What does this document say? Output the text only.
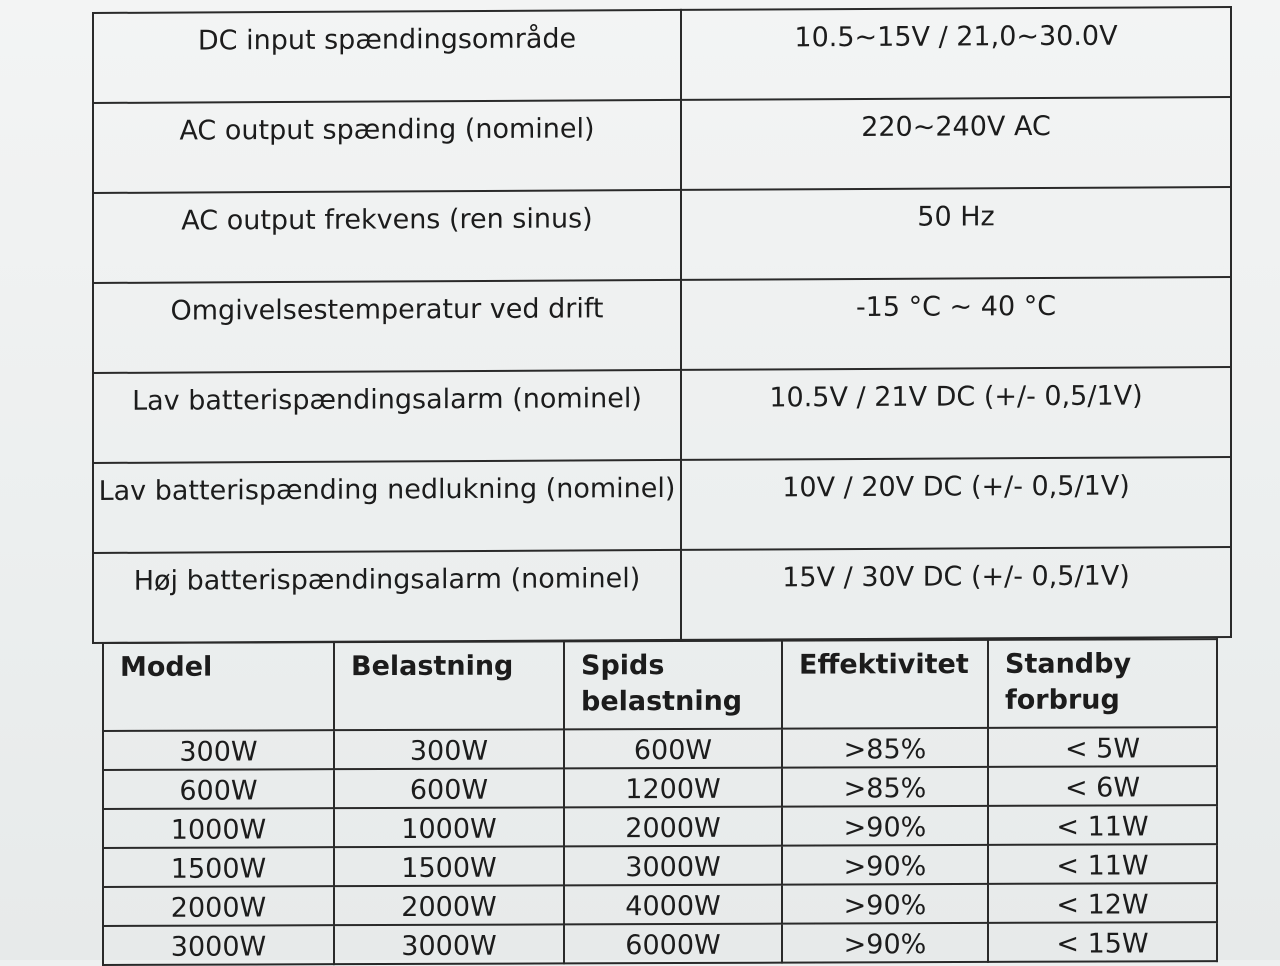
DC input spændingsområde	10.5~15V / 21,0~30.0V
AC output spænding (nominel)	220~240V AC
AC output frekvens (ren sinus)	50 Hz
Omgivelsestemperatur ved drift	-15 °C ~ 40 °C
Lav batterispændingsalarm (nominel)	10.5V / 21V DC (+/- 0,5/1V)
Lav batterispænding nedlukning (nominel)	10V / 20V DC (+/- 0,5/1V)
Høj batterispændingsalarm (nominel)	15V / 30V DC (+/- 0,5/1V)
Model	Belastning	Spids belastning	Effektivitet	Standby forbrug
300W	300W	600W	>85%	< 5W
600W	600W	1200W	>85%	< 6W
1000W	1000W	2000W	>90%	< 11W
1500W	1500W	3000W	>90%	< 11W
2000W	2000W	4000W	>90%	< 12W
3000W	3000W	6000W	>90%	< 15W
